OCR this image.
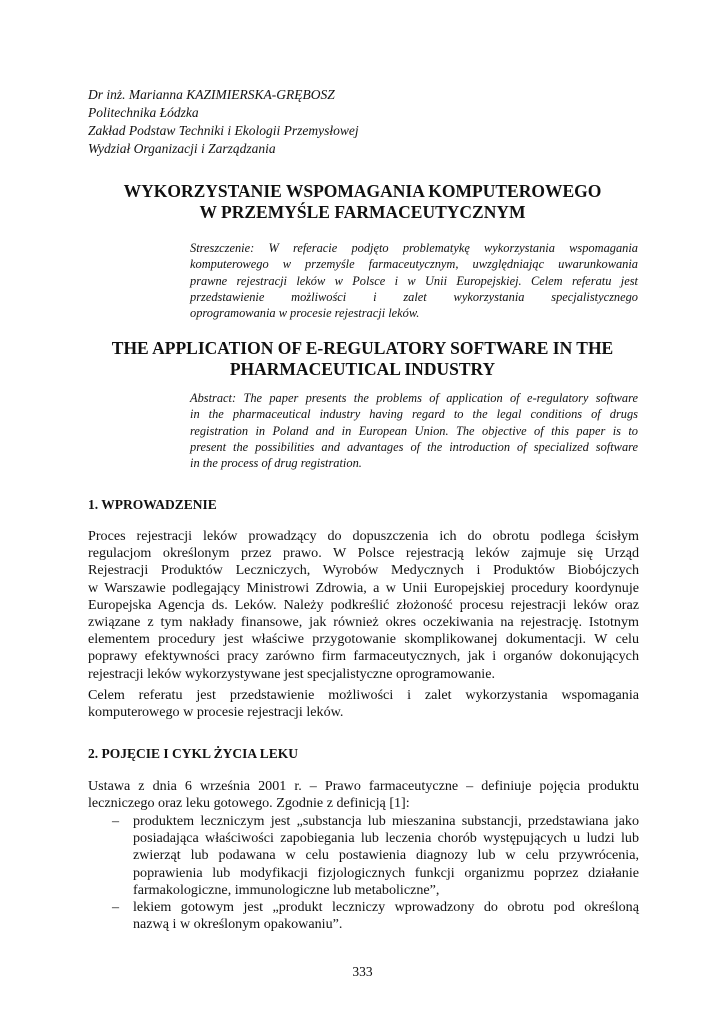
Dr inż. Marianna KAZIMIERSKA-GRĘBOSZ
Politechnika Łódzka
Zakład Podstaw Techniki i Ekologii Przemysłowej
Wydział Organizacji i Zarządzania
WYKORZYSTANIE WSPOMAGANIA KOMPUTEROWEGO
W PRZEMYŚLE FARMACEUTYCZNYM
Streszczenie: W referacie podjęto problematykę wykorzystania wspomagania
komputerowego w przemyśle farmaceutycznym, uwzględniając uwarunkowania
prawne rejestracji leków w Polsce i w Unii Europejskiej. Celem referatu jest
przedstawienie możliwości i zalet wykorzystania specjalistycznego
oprogramowania w procesie rejestracji leków.
THE APPLICATION OF E-REGULATORY SOFTWARE IN THE
PHARMACEUTICAL INDUSTRY
Abstract: The paper presents the problems of application of e-regulatory software
in the pharmaceutical industry having regard to the legal conditions of drugs
registration in Poland and in European Union. The objective of this paper is to
present the possibilities and advantages of the introduction of specialized software
in the process of drug registration.
1. WPROWADZENIE
Proces rejestracji leków prowadzący do dopuszczenia ich do obrotu podlega ścisłym
regulacjom określonym przez prawo. W Polsce rejestracją leków zajmuje się Urząd
Rejestracji Produktów Leczniczych, Wyrobów Medycznych i Produktów Biobójczych
w Warszawie podlegający Ministrowi Zdrowia, a w Unii Europejskiej procedury koordynuje
Europejska Agencja ds. Leków. Należy podkreślić złożoność procesu rejestracji leków oraz
związane z tym nakłady finansowe, jak również okres oczekiwania na rejestrację. Istotnym
elementem procedury jest właściwe przygotowanie skomplikowanej dokumentacji. W celu
poprawy efektywności pracy zarówno firm farmaceutycznych, jak i organów dokonujących
rejestracji leków wykorzystywane jest specjalistyczne oprogramowanie.
Celem referatu jest przedstawienie możliwości i zalet wykorzystania wspomagania
komputerowego w procesie rejestracji leków.
2. POJĘCIE I CYKL ŻYCIA LEKU
Ustawa z dnia 6 września 2001 r. – Prawo farmaceutyczne – definiuje pojęcia produktu
leczniczego oraz leku gotowego. Zgodnie z definicją [1]:
– produktem leczniczym jest „substancja lub mieszanina substancji, przedstawiana jako
posiadająca właściwości zapobiegania lub leczenia chorób występujących u ludzi lub
zwierząt lub podawana w celu postawienia diagnozy lub w celu przywrócenia,
poprawienia lub modyfikacji fizjologicznych funkcji organizmu poprzez działanie
farmakologiczne, immunologiczne lub metaboliczne”,
– lekiem gotowym jest „produkt leczniczy wprowadzony do obrotu pod określoną
nazwą i w określonym opakowaniu”.
333
